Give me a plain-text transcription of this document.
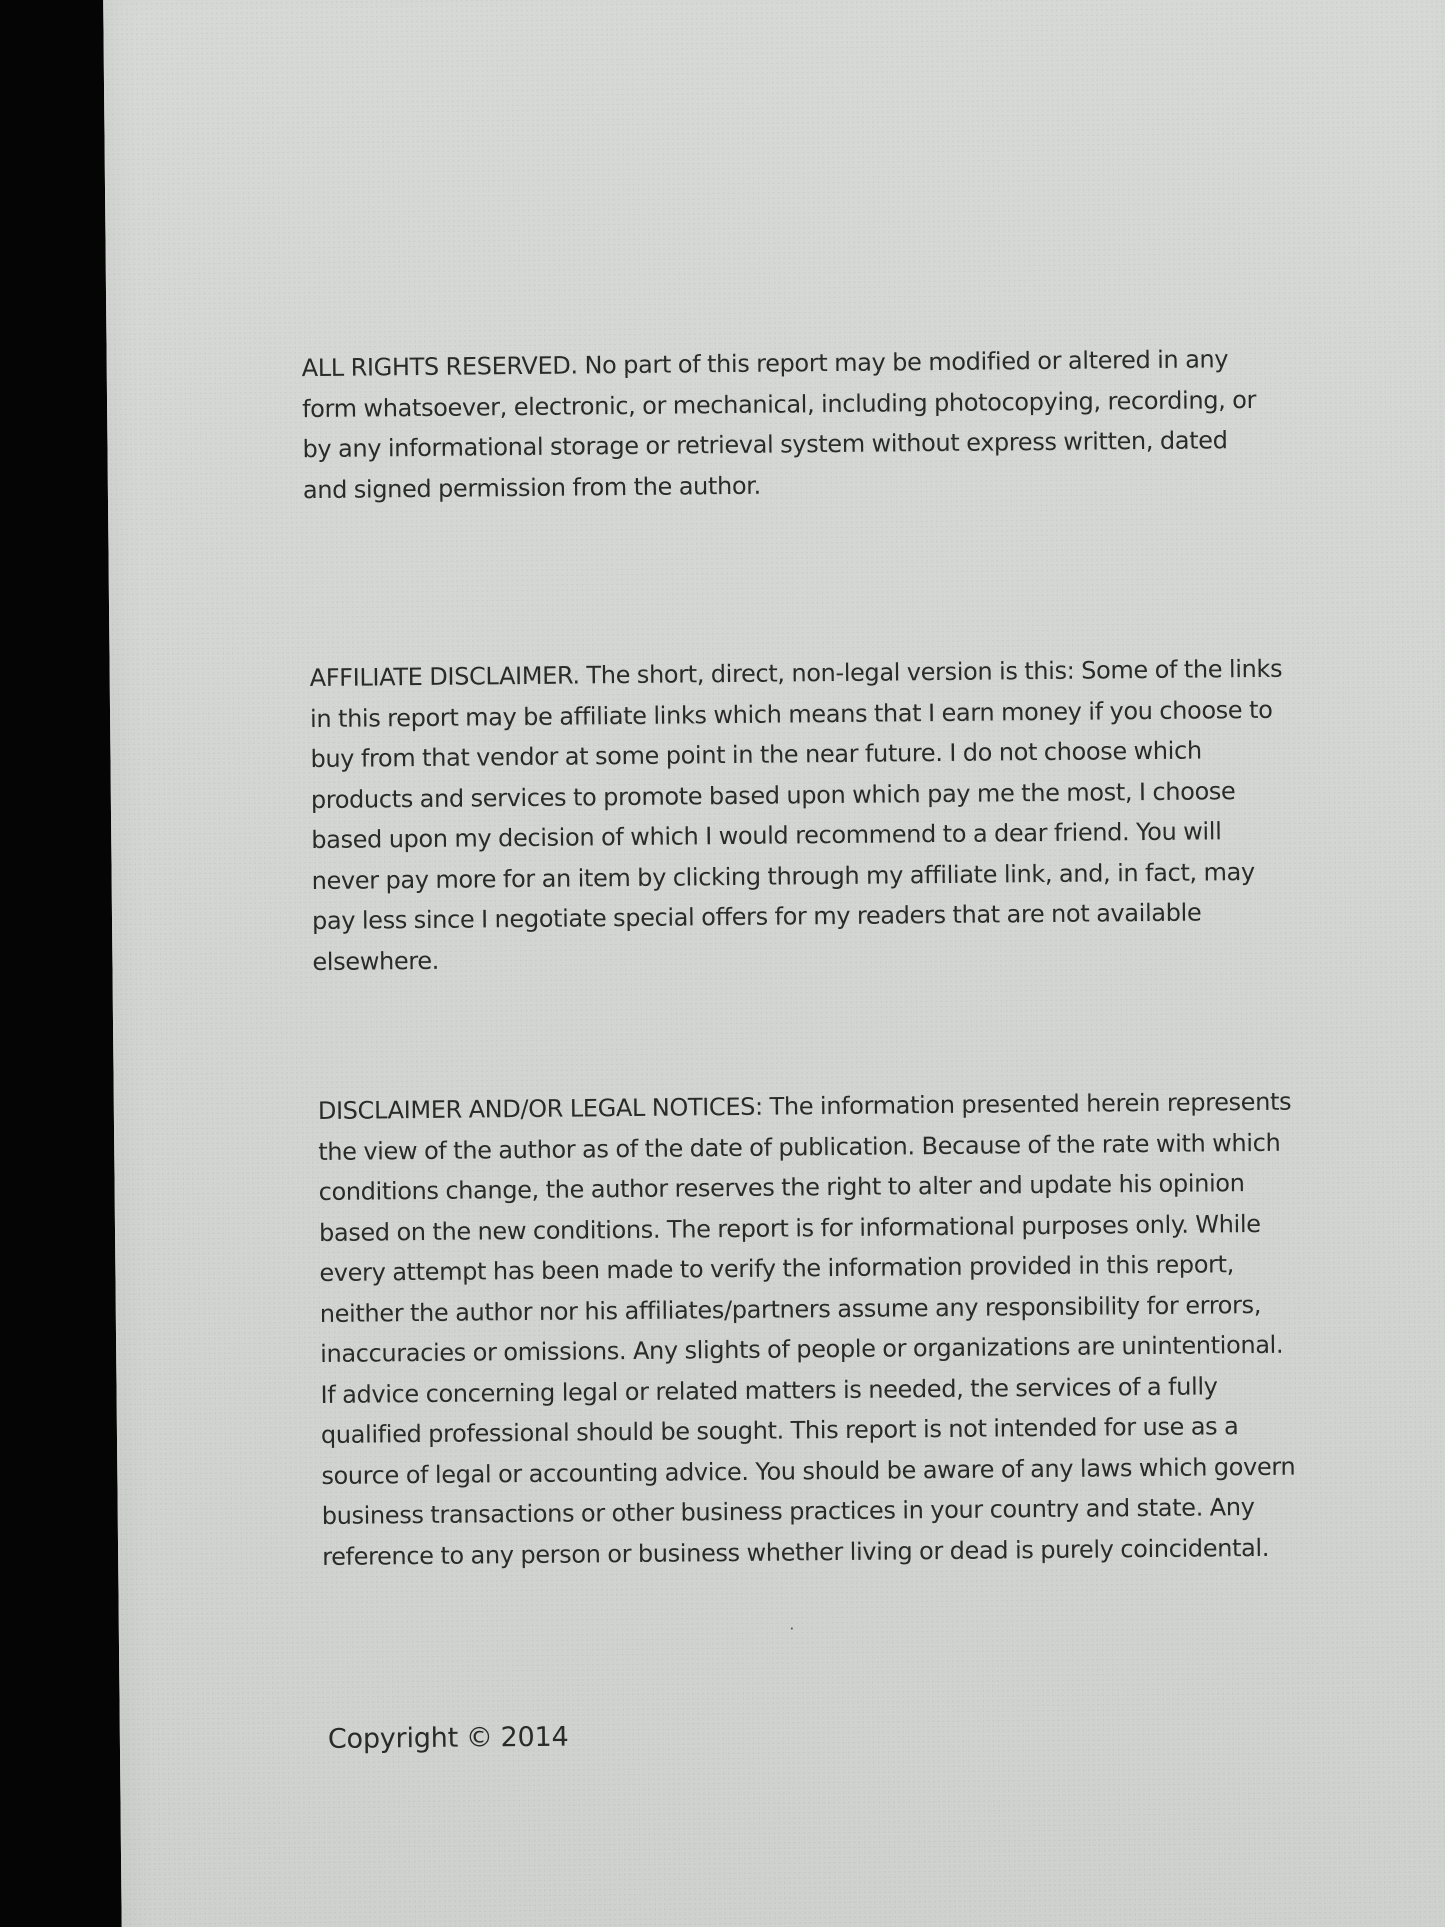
ALL RIGHTS RESERVED. No part of this report may be modified or altered in any form whatsoever, electronic, or mechanical, including photocopying, recording, or by any informational storage or retrieval system without express written, dated and signed permission from the author.

AFFILIATE DISCLAIMER. The short, direct, non-legal version is this: Some of the links in this report may be affiliate links which means that I earn money if you choose to buy from that vendor at some point in the near future. I do not choose which products and services to promote based upon which pay me the most, I choose based upon my decision of which I would recommend to a dear friend. You will never pay more for an item by clicking through my affiliate link, and, in fact, may pay less since I negotiate special offers for my readers that are not available elsewhere.

DISCLAIMER AND/OR LEGAL NOTICES: The information presented herein represents the view of the author as of the date of publication. Because of the rate with which conditions change, the author reserves the right to alter and update his opinion based on the new conditions. The report is for informational purposes only. While every attempt has been made to verify the information provided in this report, neither the author nor his affiliates/partners assume any responsibility for errors, inaccuracies or omissions. Any slights of people or organizations are unintentional. If advice concerning legal or related matters is needed, the services of a fully qualified professional should be sought. This report is not intended for use as a source of legal or accounting advice. You should be aware of any laws which govern business transactions or other business practices in your country and state. Any reference to any person or business whether living or dead is purely coincidental.

Copyright © 2014
